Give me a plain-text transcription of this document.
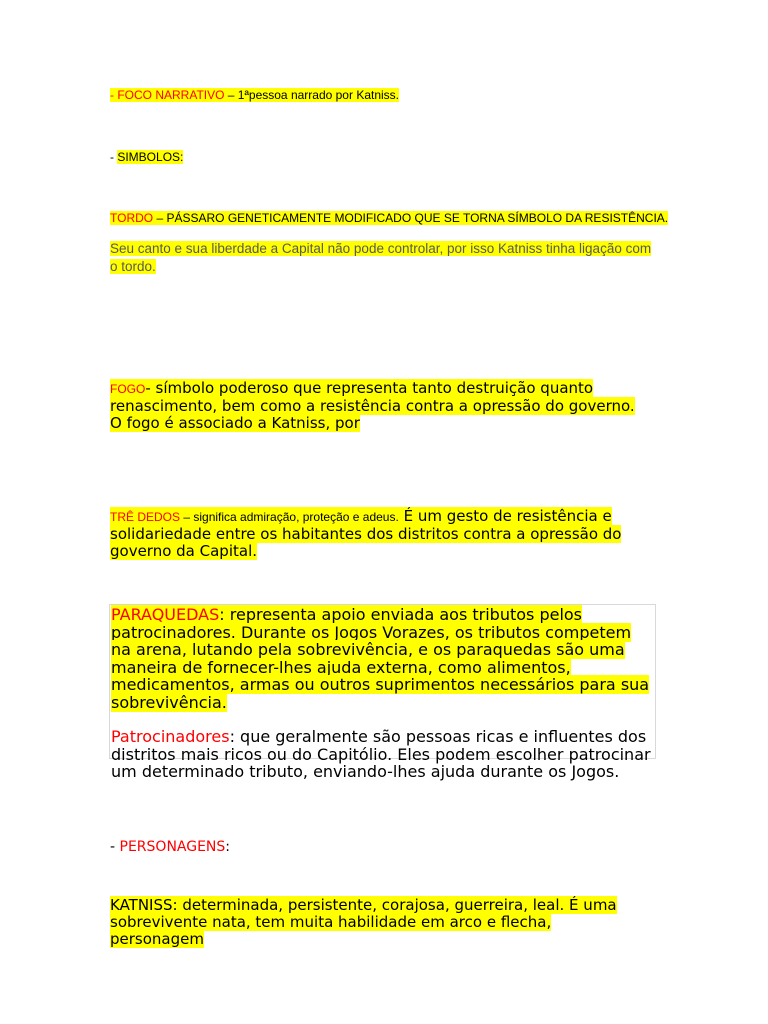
- FOCO NARRATIVO – 1ªpessoa narrado por Katniss.
- SIMBOLOS:
TORDO – PÁSSARO GENETICAMENTE MODIFICADO QUE SE TORNA SÍMBOLO DA RESISTÊNCIA.
Seu canto e sua liberdade a Capital não pode controlar, por isso Katniss tinha ligação com o tordo.
FOGO- símbolo poderoso que representa tanto destruição quanto renascimento, bem como a resistência contra a opressão do governo. O fogo é associado a Katniss, por
TRÊ DEDOS – significa admiração, proteção e adeus. É um gesto de resistência e solidariedade entre os habitantes dos distritos contra a opressão do governo da Capital.

PARAQUEDAS: representa apoio enviada aos tributos pelos patrocinadores. Durante os Jogos Vorazes, os tributos competem na arena, lutando pela sobrevivência, e os paraquedas são uma maneira de fornecer-lhes ajuda externa, como alimentos, medicamentos, armas ou outros suprimentos necessários para sua sobrevivência.

Patrocinadores: que geralmente são pessoas ricas e influentes dos distritos mais ricos ou do Capitólio. Eles podem escolher patrocinar um determinado tributo, enviando-lhes ajuda durante os Jogos.

- PERSONAGENS:
KATNISS: determinada, persistente, corajosa, guerreira, leal. É uma sobrevivente nata, tem muita habilidade em arco e flecha, personagem
